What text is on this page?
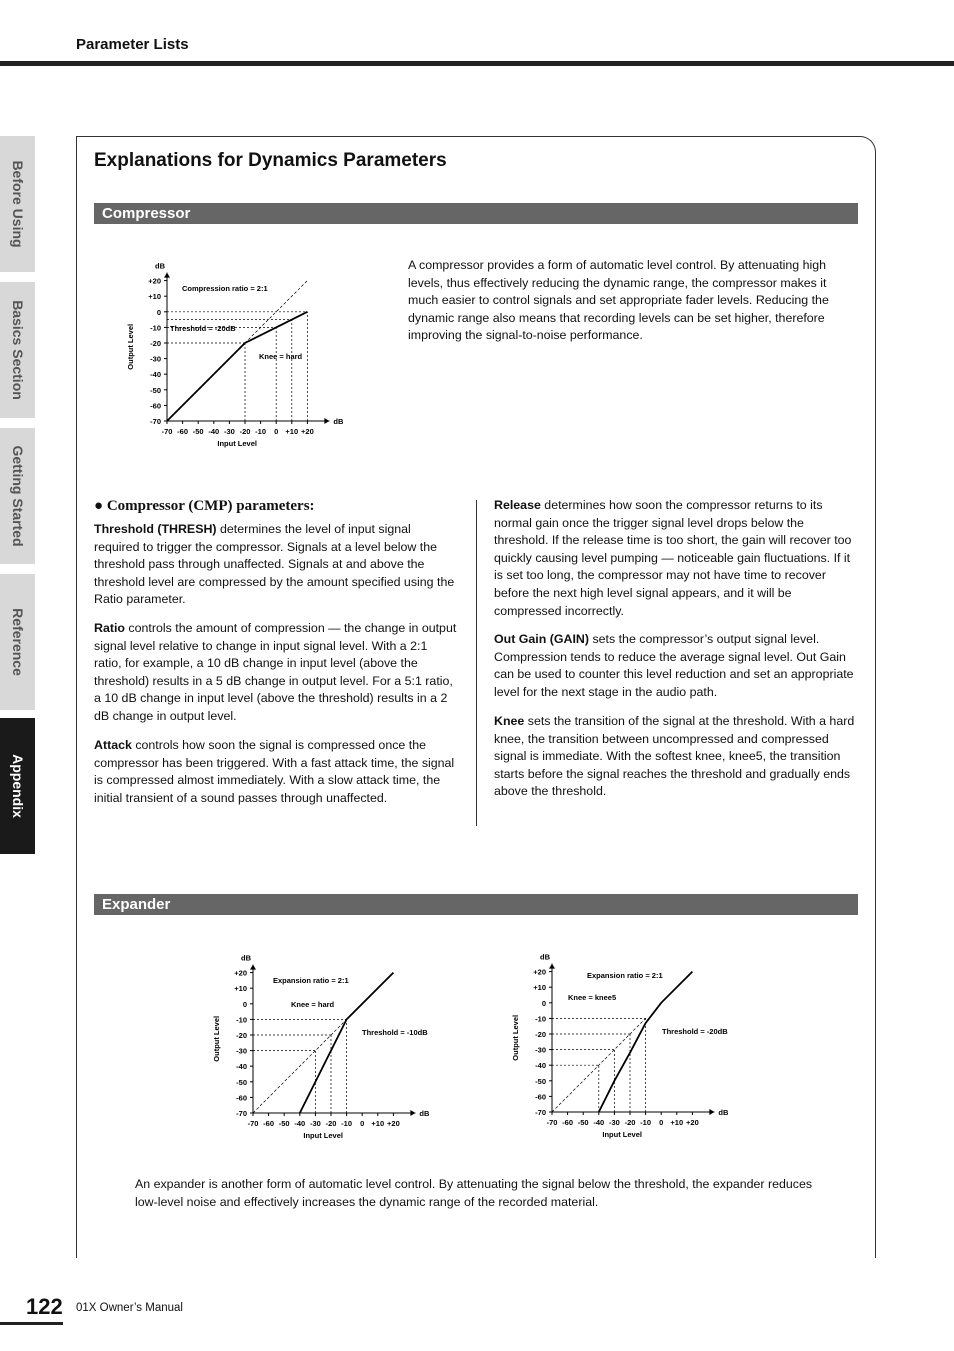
Parameter Lists
Before Using
Basics Section
Getting Started
Reference
Appendix
Explanations for Dynamics Parameters
Compressor
dB
dB
+20
+10
0
-10
-20
-30
-40
-50
-60
-70
-70 -60 -50 -40 -30 -20 -10 0 +10 +20
Input Level
Output Level
Compression ratio = 2:1
Threshold = -20dB
Knee = hard
A compressor provides a form of automatic level control. By attenuating high levels, thus effectively reducing the dynamic range, the compressor makes it much easier to control signals and set appropriate fader levels. Reducing the dynamic range also means that recording levels can be set higher, therefore improving the signal-to-noise performance.
● Compressor (CMP) parameters:
Threshold (THRESH) determines the level of input signal required to trigger the compressor. Signals at a level below the threshold pass through unaffected. Signals at and above the threshold level are compressed by the amount specified using the Ratio parameter.
Ratio controls the amount of compression — the change in output signal level relative to change in input signal level. With a 2:1 ratio, for example, a 10 dB change in input level (above the threshold) results in a 5 dB change in output level. For a 5:1 ratio, a 10 dB change in input level (above the threshold) results in a 2 dB change in output level.
Attack controls how soon the signal is compressed once the compressor has been triggered. With a fast attack time, the signal is compressed almost immediately. With a slow attack time, the initial transient of a sound passes through unaffected.
Release determines how soon the compressor returns to its normal gain once the trigger signal level drops below the threshold. If the release time is too short, the gain will recover too quickly causing level pumping — noticeable gain fluctuations. If it is set too long, the compressor may not have time to recover before the next high level signal appears, and it will be compressed incorrectly.
Out Gain (GAIN) sets the compressor’s output signal level. Compression tends to reduce the average signal level. Out Gain can be used to counter this level reduction and set an appropriate level for the next stage in the audio path.
Knee sets the transition of the signal at the threshold. With a hard knee, the transition between uncompressed and compressed signal is immediate. With the softest knee, knee5, the transition starts before the signal reaches the threshold and gradually ends above the threshold.
Expander
dB
dB
+20
+10
0
-10
-20
-30
-40
-50
-60
-70
-70 -60 -50 -40 -30 -20 -10 0 +10 +20
Input Level
Output Level
Expansion ratio = 2:1
Knee = hard
Threshold = -10dB
dB
dB
+20
+10
0
-10
-20
-30
-40
-50
-60
-70
-70 -60 -50 -40 -30 -20 -10 0 +10 +20
Input Level
Output Level
Expansion ratio = 2:1
Knee = knee5
Threshold = -20dB
An expander is another form of automatic level control. By attenuating the signal below the threshold, the expander reduces low-level noise and effectively increases the dynamic range of the recorded material.
122 01X Owner’s Manual
